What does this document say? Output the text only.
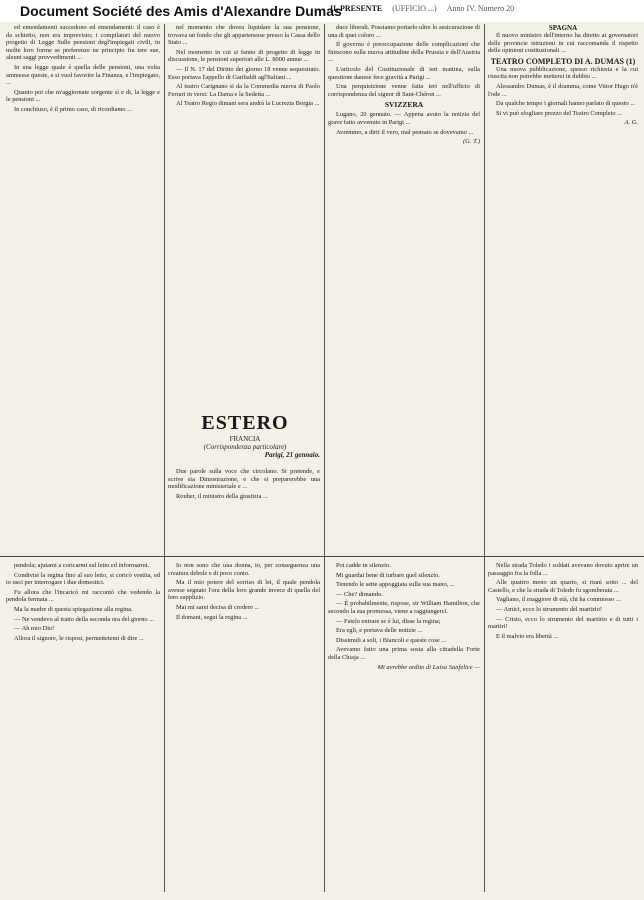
Document Société des Amis d'Alexandre Dumas
IL PRESENTE (UFFICIO ...) Anno IV. Numero 20

ed emendamenti succedono ed emendamenti: il caso è da schietto, non era imprevisto; i compilatori del nuovo progetto di Legge Sulle pensioni degl'impiegati civili, in molte loro forme se preferenze ne principio fra tere sue, aleuni saggi provvedimenti ...

In una legge quale è quella delle pensioni, una volta ammesse queste, e si vuol favorire la Finanza, e l'impiegato, ...

Quanto poi che m'aggiornate sorgente sì e di, la legge e le pensioni ...

In conchiuso, è il primo caso, di ricordiamo ...

nel momento che dovea liquidare la sua pensione, trovava un fondo che gli appartenesse presso la Cassa dello Stato ...

Nel momento in cui si fanno di progetto di legge in discussione, le pensioni superiori alle L. 8000 annue ...

— Il N. 17 del Diritto dei giorno 18 venne sequestrato. Esso portava l'appello di Garibaldi agl'Italiani ...

Al teatro Carignano si da la Commedia nuova di Paolo Ferrari in versi: La Dama e la Sedetta ...

Al Teatro Regio dimani sera andrà la Lucrezia Borgia ...

ESTERO
FRANCIA
(Corrispondenza particolare)
Parigi, 21 gennaio.

Due parole sulla voce che circolano. Si pretende, e scrive sia Dimostrazione, e che si preparerebbe una modificazione ministeriale e ...

Rouher, il ministro della giustizia ...

duce liberali. Possiamo portarlo ultre lo assicurazione di una di quei coloro ...

Il governo è preoccupazione delle complicazioni che finiscono sulla nuova attitudine della Prussia e dell'Austria ...

L'articolo del Costituzionale di ieri mattina, sulla questione danese fece gravità a Parigi ...

Una perquisizione venne fatta ieri nell'ufficio di corrispondenza del signor di Sant-Chéron ...

SVIZZERA

Lugano, 20 gennaio. — Appena avuto la notizia del grave fatto avvenuto in Parigi ...

Avremmo, a dirti il vero, mal pensato se dovevamo ...

(G. T.)
SPAGNA

Il nuovo ministro dell'interno ha diretto ai governatori delle provincie istruzioni in cui raccomanda il rispetto delle opinioni costituzionali ...

TEATRO COMPLETO DI A. DUMAS (1)

Una nuova pubblicazione, spesso richiesta e la cui riuscita non potrebbe mettersi in dubbio ...

Alessandro Dumas, è il dramma, come Vittor Hugo n'è l'ode ...

Da qualche tempo i giornali hanno parlato di questo ...

Si vi può sfogliare prezzo del Teatro Completo ...

A. G.

pendola; ajutami a coricarmi sul letto ed informarmi.

Condivisi la regina fino al suo letto, si coricò vestita, ed io usci per interrogare i due domestici.

Fu allora che l'incaricò mi raccontò che vedendo la pendola fermata ...

Ma la madre di questa spiegazione alla regina.

— Ne vendevo al tratto della seconda ora del giorno ...

— Ah mio Dio!

Allora il signore, le risposi, permettetemi di dire ...

Io non sono che una donna, io, per conseguenza una creatura debole e di poco conto.

Ma il mio potere del sorriso di lei, il quale pendola avesse segnato l'ora della loro grande invece di quella del loro supplizio.

Mai mi sarei decisa di credere ...

Il domani, seguì la regina ...

Poi cadde in silenzio.

Mi guardai bene di turbare quel silenzio.

Tenendo le sette appoggiata sulla sua mano, ...

— Che? dimando.

— È probabilmente, rispose, sir William Hamilton, che secondo la sua promessa, viene a raggiungerci.

— Fatelo entrare se è lui, disse la regina;

Era egli, e portava delle notizie ...

Dissimuli a soli, i Biancoli e queste cose ...

Avevamo fatto una prima sosta alla cittadella Forte della Chiaja ...

Mi avrebbe ordito di Luisa Sanfelice —

Nella strada Toledo i soldati avevano dovuto aprire un passaggio fra la folla ...

Alle quattro meno un quarto, si riunì sotto ... del Castello, e che la strada di Toledo fu sgomberata ...

Vagliano, il maggiore di età, chi ha commosso ...

— Amici, ecco lo strumento del martirio!

— Cristo, ecco lo strumento del martirio e di tutti i martiri!

E il malvio era libertà ...
